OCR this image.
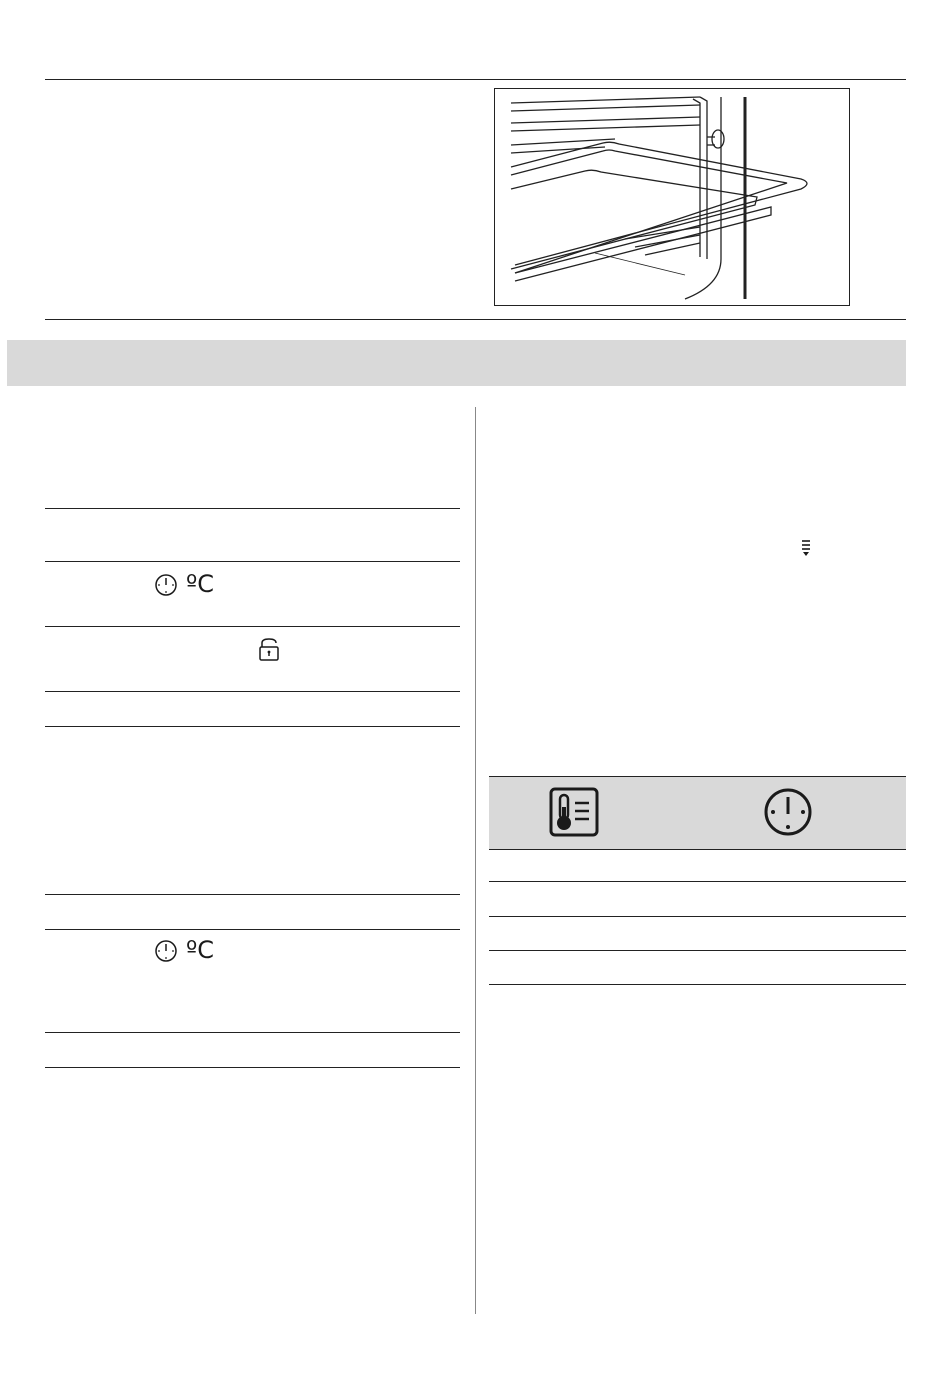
ºC
ºC
